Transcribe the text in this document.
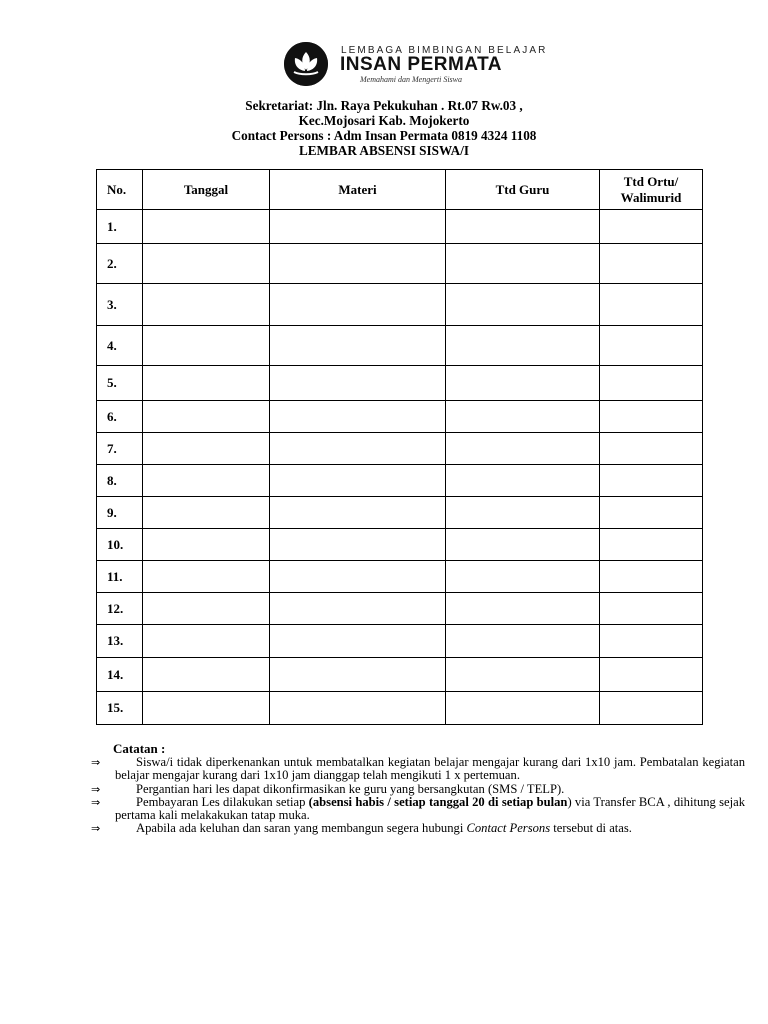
LEMBAGA BIMBINGAN BELAJAR
INSAN PERMATA
Memahami dan Mengerti Siswa
Sekretariat: Jln. Raya Pekukuhan . Rt.07 Rw.03 ,
Kec.Mojosari Kab. Mojokerto
Contact Persons : Adm Insan Permata 0819 4324 1108
LEMBAR ABSENSI SISWA/I
No.	Tanggal	Materi	Ttd Guru	Ttd Ortu/ Walimurid
1.				
2.				
3.				
4.				
5.				
6.				
7.				
8.				
9.				
10.				
11.				
12.				
13.				
14.				
15.				
Catatan :
⇒	Siswa/i tidak diperkenankan untuk membatalkan kegiatan belajar mengajar kurang dari 1x10 jam. Pembatalan kegiatan belajar mengajar kurang dari 1x10 jam dianggap telah mengikuti 1 x pertemuan.
⇒	Pergantian hari les dapat dikonfirmasikan ke guru yang bersangkutan (SMS / TELP).
⇒	Pembayaran Les dilakukan setiap (absensi habis / setiap tanggal 20 di setiap bulan) via Transfer BCA , dihitung sejak pertama kali melakakukan tatap muka.
⇒	Apabila ada keluhan dan saran yang membangun segera hubungi Contact Persons tersebut di atas.
